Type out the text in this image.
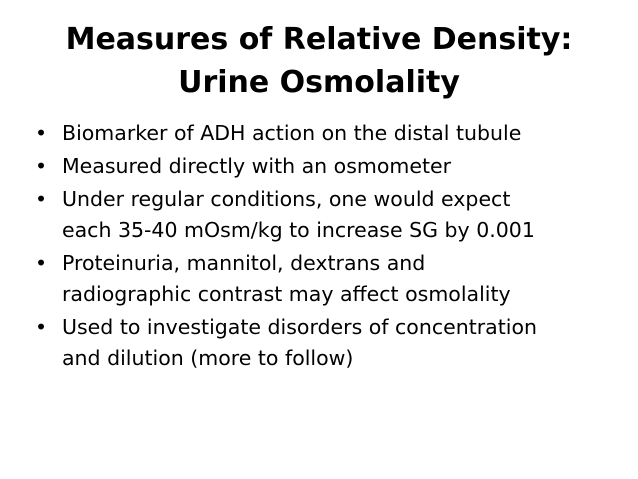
Measures of Relative Density:
Urine Osmolality
• Biomarker of ADH action on the distal tubule
• Measured directly with an osmometer
• Under regular conditions, one would expect
each 35-40 mOsm/kg to increase SG by 0.001
• Proteinuria, mannitol, dextrans and
radiographic contrast may affect osmolality
• Used to investigate disorders of concentration
and dilution (more to follow)
